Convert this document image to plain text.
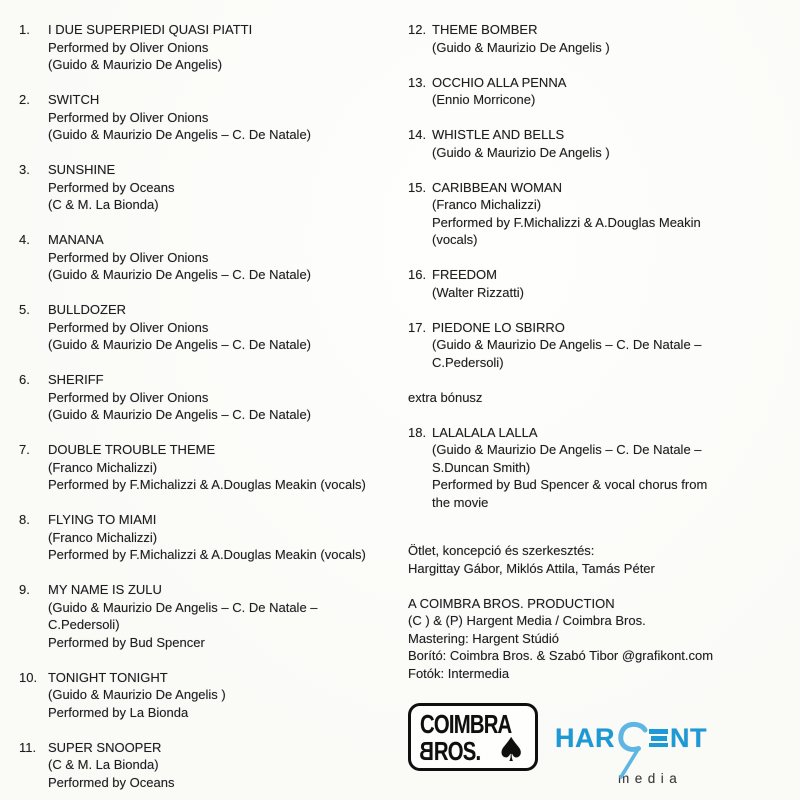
1.	I DUE SUPERPIEDI QUASI PIATTI
Performed by Oliver Onions
(Guido & Maurizio De Angelis)
2.	SWITCH
Performed by Oliver Onions
(Guido & Maurizio De Angelis – C. De Natale)
3.	SUNSHINE
Performed by Oceans
(C & M. La Bionda)
4.	MANANA
Performed by Oliver Onions
(Guido & Maurizio De Angelis – C. De Natale)
5.	BULLDOZER
Performed by Oliver Onions
(Guido & Maurizio De Angelis – C. De Natale)
6.	SHERIFF
Performed by Oliver Onions
(Guido & Maurizio De Angelis – C. De Natale)
7.	DOUBLE TROUBLE THEME
(Franco Michalizzi)
Performed by F.Michalizzi & A.Douglas Meakin (vocals)
8.	FLYING TO MIAMI
(Franco Michalizzi)
Performed by F.Michalizzi & A.Douglas Meakin (vocals)
9.	MY NAME IS ZULU
(Guido & Maurizio De Angelis – C. De Natale –
C.Pedersoli)
Performed by Bud Spencer
10. TONIGHT TONIGHT
(Guido & Maurizio De Angelis )
Performed by La Bionda
11. SUPER SNOOPER
(C & M. La Bionda)
Performed by Oceans
12. THEME BOMBER
(Guido & Maurizio De Angelis )
13. OCCHIO ALLA PENNA
(Ennio Morricone)
14. WHISTLE AND BELLS
(Guido & Maurizio De Angelis )
15. CARIBBEAN WOMAN
(Franco Michalizzi)
Performed by F.Michalizzi & A.Douglas Meakin
(vocals)
16. FREEDOM
(Walter Rizzatti)
17. PIEDONE LO SBIRRO
(Guido & Maurizio De Angelis – C. De Natale –
C.Pedersoli)
extra bónusz
18. LALALALA LALLA
(Guido & Maurizio De Angelis – C. De Natale –
S.Duncan Smith)
Performed by Bud Spencer & vocal chorus from
the movie
Ötlet, koncepció és szerkesztés:
Hargittay Gábor, Miklós Attila, Tamás Péter
A COIMBRA BROS. PRODUCTION
(C ) & (P) Hargent Media / Coimbra Bros.
Mastering: Hargent Stúdió
Borító: Coimbra Bros. & Szabó Tibor @grafikont.com
Fotók: Intermedia
COIMBRA
BROS. ♠ HAR NT
media
